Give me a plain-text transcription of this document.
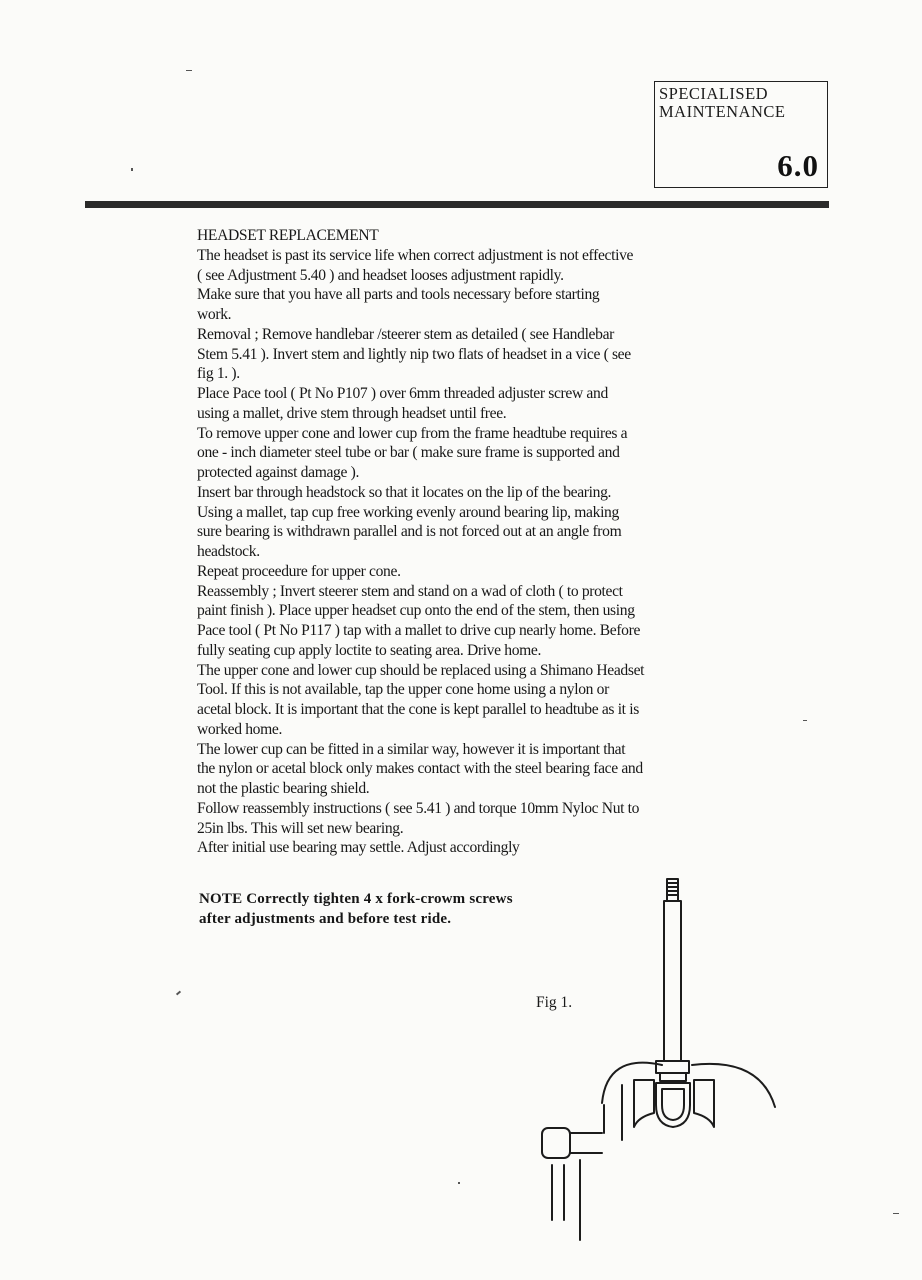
SPECIALISED
MAINTENANCE
6.0

HEADSET REPLACEMENT

The headset is past its service life when correct adjustment is not effective

( see Adjustment 5.40 ) and headset looses adjustment rapidly.

Make sure that you have all parts and tools necessary before starting

work.

Removal ; Remove handlebar /steerer stem as detailed ( see Handlebar

Stem 5.41 ). Invert stem and lightly nip two flats of headset in a vice ( see

fig 1. ).

Place Pace tool ( Pt No P107 ) over 6mm threaded adjuster screw and

using a mallet, drive stem through headset until free.

To remove upper cone and lower cup from the frame headtube requires a

one - inch diameter steel tube or bar ( make sure frame is supported and

protected against damage ).

Insert bar through headstock so that it locates on the lip of the bearing.

Using a mallet, tap cup free working evenly around bearing lip, making

sure bearing is withdrawn parallel and is not forced out at an angle from

headstock.

Repeat proceedure for upper cone.

Reassembly ; Invert steerer stem and stand on a wad of cloth ( to protect

paint finish ). Place upper headset cup onto the end of the stem, then using

Pace tool ( Pt No P117 ) tap with a mallet to drive cup nearly home. Before

fully seating cup apply loctite to seating area. Drive home.

The upper cone and lower cup should be replaced using a Shimano Headset

Tool. If this is not available, tap the upper cone home using a nylon or

acetal block. It is important that the cone is kept parallel to headtube as it is

worked home.

The lower cup can be fitted in a similar way, however it is important that

the nylon or acetal block only makes contact with the steel bearing face and

not the plastic bearing shield.

Follow reassembly instructions ( see 5.41 ) and torque 10mm Nyloc Nut to

25in lbs. This will set new bearing.

After initial use bearing may settle. Adjust accordingly

NOTE Correctly tighten 4 x fork-crowm screws

after adjustments and before test ride.

Fig 1.
